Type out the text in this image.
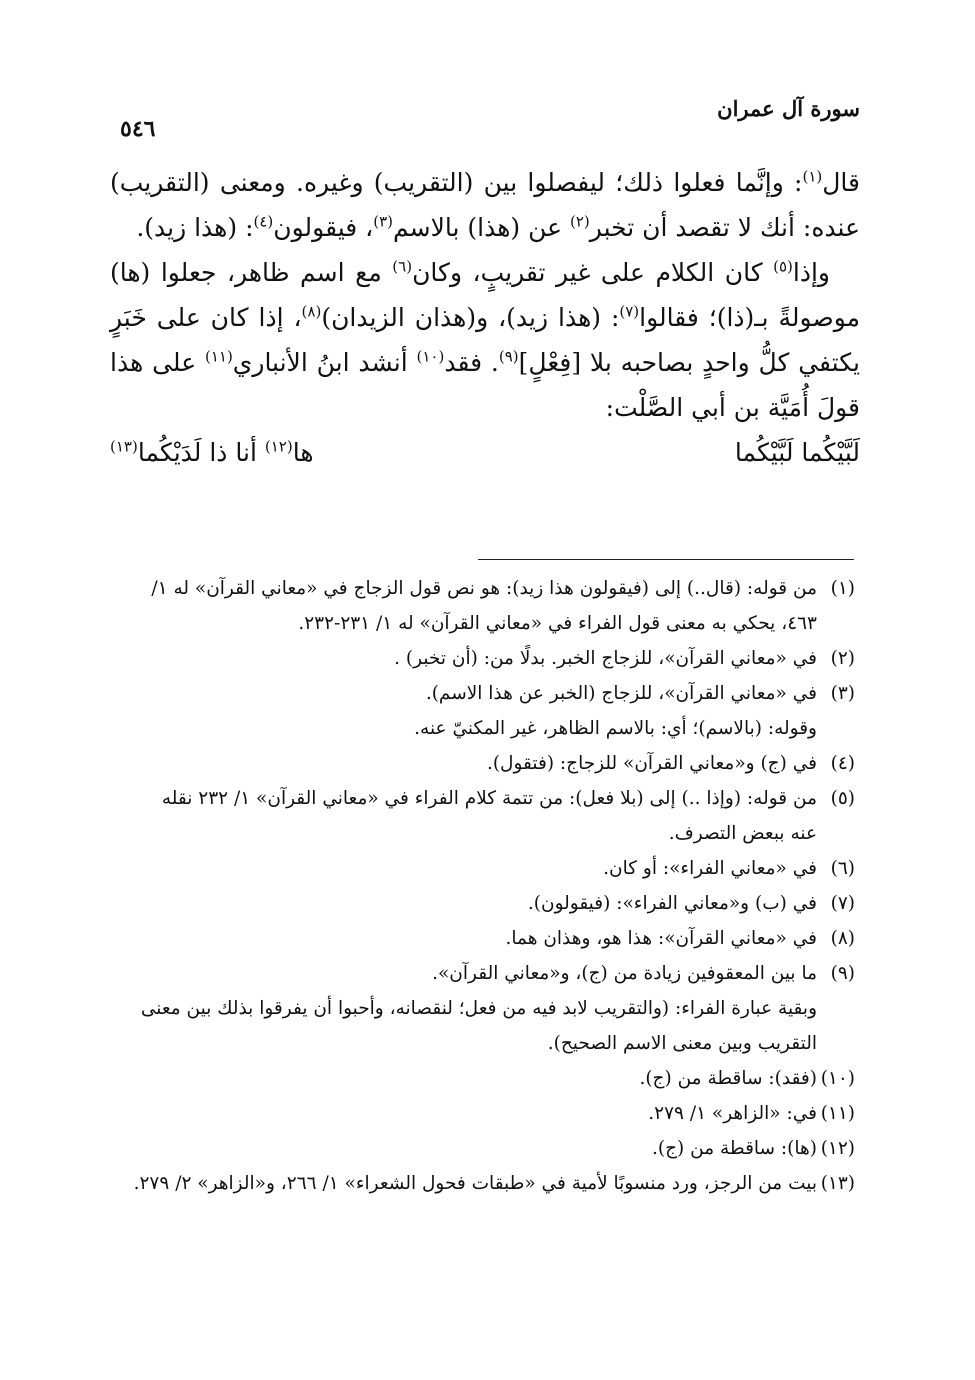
سورة آل عمران
٥٤٦

قال$^{(١)}$: وإنَّما فعلوا ذلك؛ ليفصلوا بين (التقريب) وغيره. ومعنى (التقريب) عنده: أنك لا تقصد أن تخبر$^{(٢)}$ عن (هذا) بالاسم$^{(٣)}$، فيقولون$^{(٤)}$: (هذا زيد).

وإذا$^{(٥)}$ كان الكلام على غير تقريبٍ، وكان$^{(٦)}$ مع اسم ظاهر، جعلوا (ها) موصولةً بـ(ذا)؛ فقالوا$^{(٧)}$: (هذا زيد)، و(هذان الزيدان)$^{(٨)}$، إذا كان على خَبَرٍ يكتفي كلُّ واحدٍ بصاحبه بلا [فِعْلٍ]$^{(٩)}$. فقد$^{(١٠)}$ أنشد ابنُ الأنباري$^{(١١)}$ على هذا قولَ أُمَيَّة بن أبي الصَّلْت:

لَبَّيْكُما لَبَّيْكُما
ها$^{(١٢)}$ أنا ذا لَدَيْكُما$^{(١٣)}$
(١)
من قوله: (قال..) إلى (فيقولون هذا زيد): هو نص قول الزجاج في «معاني القرآن» له ١/ ٤٦٣، يحكي به معنى قول الفراء في «معاني القرآن» له ١/ ٢٣١-٢٣٢.
(٢)
في «معاني القرآن»، للزجاج الخبر. بدلًا من: (أن تخبر) .
(٣)
في «معاني القرآن»، للزجاج (الخبر عن هذا الاسم).
وقوله: (بالاسم)؛ أي: بالاسم الظاهر، غير المكنيّ عنه.
(٤)
في (ج) و«معاني القرآن» للزجاج: (فتقول).
(٥)
من قوله: (وإذا ..) إلى (بلا فعل): من تتمة كلام الفراء في «معاني القرآن» ١/ ٢٣٢ نقله عنه ببعض التصرف.
(٦)
في «معاني الفراء»: أو كان.
(٧)
في (ب) و«معاني الفراء»: (فيقولون).
(٨)
في «معاني القرآن»: هذا هو، وهذان هما.
(٩)
ما بين المعقوفين زيادة من (ج)، و«معاني القرآن».
وبقية عبارة الفراء: (والتقريب لابد فيه من فعل؛ لنقصانه، وأحبوا أن يفرقوا بذلك بين معنى التقريب وبين معنى الاسم الصحيح).
(١٠)
(فقد): ساقطة من (ج).
(١١)
في: «الزاهر» ١/ ٢٧٩.
(١٢)
(ها): ساقطة من (ج).
(١٣)
بيت من الرجز، ورد منسوبًا لأمية في «طبقات فحول الشعراء» ١/ ٢٦٦، و«الزاهر» ٢/ ٢٧٩.
